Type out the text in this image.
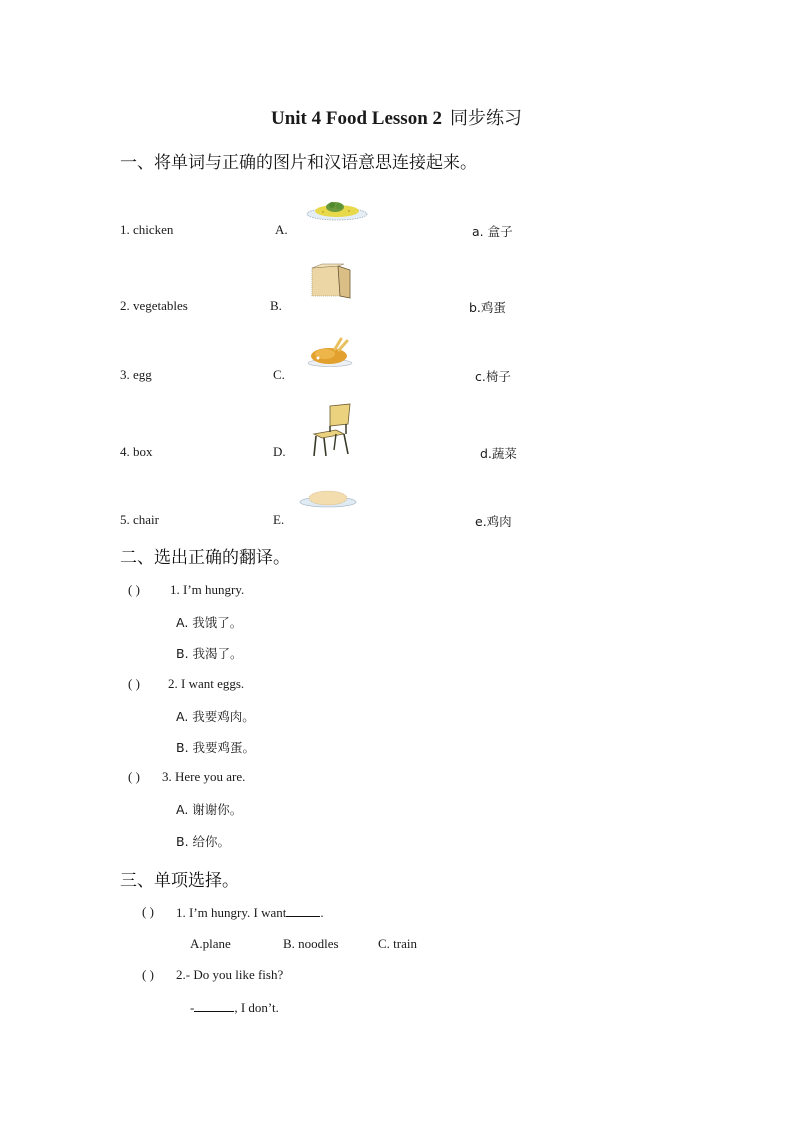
Unit 4 Food Lesson 2 同步练习
一、将单词与正确的图片和汉语意思连接起来。
1. chicken	A.	a. 盒子
2. vegetables	B.	b.鸡蛋
3. egg	C.	c.椅子
4. box	D.	d.蔬菜
5. chair	E.	e.鸡肉
二、选出正确的翻译。
( ) 1. I’m hungry.
A. 我饿了。
B. 我渴了。
( ) 2. I want eggs.
A. 我要鸡肉。
B. 我要鸡蛋。
( ) 3. Here you are.
A. 谢谢你。
B. 给你。
三、单项选择。
( ) 1. I’m hungry. I want	.
A.plane	B. noodles	C. train
( ) 2.- Do you like fish?
-	, I don’t.
